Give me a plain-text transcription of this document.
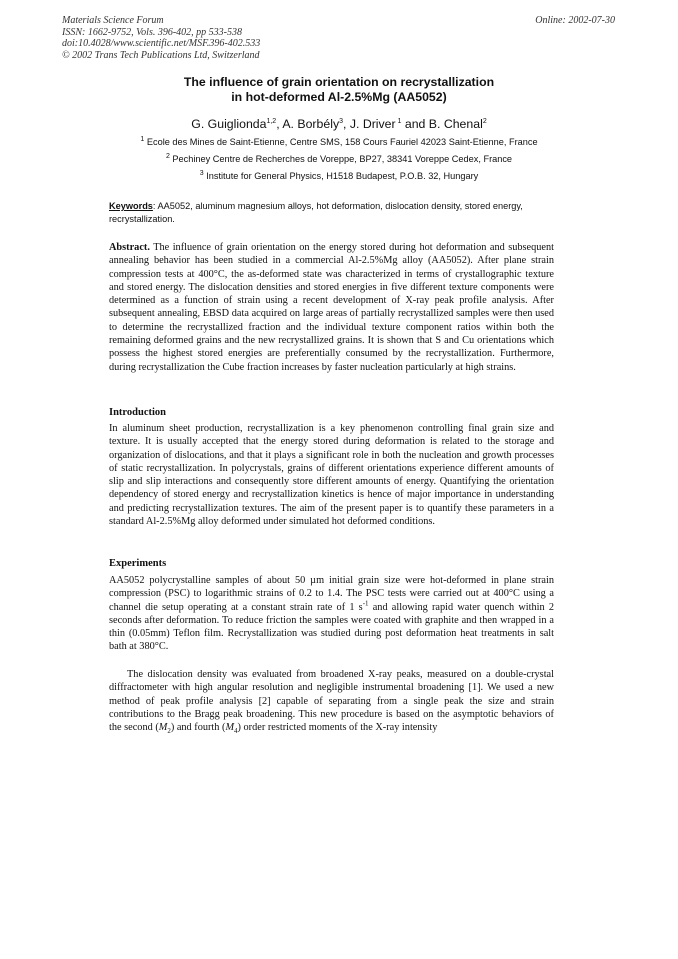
Materials Science Forum
ISSN: 1662-9752, Vols. 396-402, pp 533-538
doi:10.4028/www.scientific.net/MSF.396-402.533
© 2002 Trans Tech Publications Ltd, Switzerland
Online: 2002-07-30
The influence of grain orientation on recrystallization
in hot-deformed Al-2.5%Mg (AA5052)
G. Guiglionda$^{1,2}$, A. Borbély$^3$, J. Driver $^1$ and B. Chenal$^2$
$^1$ Ecole des Mines de Saint-Etienne, Centre SMS, 158 Cours Fauriel 42023 Saint-Etienne, France
$^2$ Pechiney Centre de Recherches de Voreppe, BP27, 38341 Voreppe Cedex, France
$^3$ Institute for General Physics, H1518 Budapest, P.O.B. 32, Hungary
Keywords: AA5052, aluminum magnesium alloys, hot deformation, dislocation density, stored energy, recrystallization.
Abstract. The influence of grain orientation on the energy stored during hot deformation and subsequent annealing behavior has been studied in a commercial Al-2.5%Mg alloy (AA5052). After plane strain compression tests at 400°C, the as-deformed state was characterized in terms of crystallographic texture and stored energy. The dislocation densities and stored energies in five different texture components were determined as a function of strain using a recent development of X-ray peak profile analysis. After subsequent annealing, EBSD data acquired on large areas of partially recrystallized samples were then used to determine the recrystallized fraction and the individual texture component ratios within both the remaining deformed grains and the new recrystallized grains. It is shown that S and Cu orientations which possess the highest stored energies are preferentially consumed by the recrystallization. Furthermore, during recrystallization the Cube fraction increases by faster nucleation particularly at high strains.
Introduction
In aluminum sheet production, recrystallization is a key phenomenon controlling final grain size and texture. It is usually accepted that the energy stored during deformation is related to the storage and organization of dislocations, and that it plays a significant role in both the nucleation and growth processes of static recrystallization. In polycrystals, grains of different orientations experience different amounts of slip and slip interactions and consequently store different amounts of energy. Quantifying the orientation dependency of stored energy and recrystallization kinetics is hence of major importance in understanding and predicting recrystallization textures. The aim of the present paper is to quantify these parameters in a standard Al-2.5%Mg alloy deformed under simulated hot deformed conditions.
Experiments
AA5052 polycrystalline samples of about 50 µm initial grain size were hot-deformed in plane strain compression (PSC) to logarithmic strains of 0.2 to 1.4. The PSC tests were carried out at 400°C using a channel die setup operating at a constant strain rate of 1 $s^{-1}$ and allowing rapid water quench within 2 seconds after deformation. To reduce friction the samples were coated with graphite and then wrapped in a thin (0.05mm) Teflon film. Recrystallization was studied during post deformation heat treatments in salt bath at 380°C.
The dislocation density was evaluated from broadened X-ray peaks, measured on a double-crystal diffractometer with high angular resolution and negligible instrumental broadening [1]. We used a new method of peak profile analysis [2] capable of separating from a single peak the size and strain contributions to the Bragg peak broadening. This new procedure is based on the asymptotic behaviors of the second $(M_2)$ and fourth $(M_4)$ order restricted moments of the X-ray intensity
